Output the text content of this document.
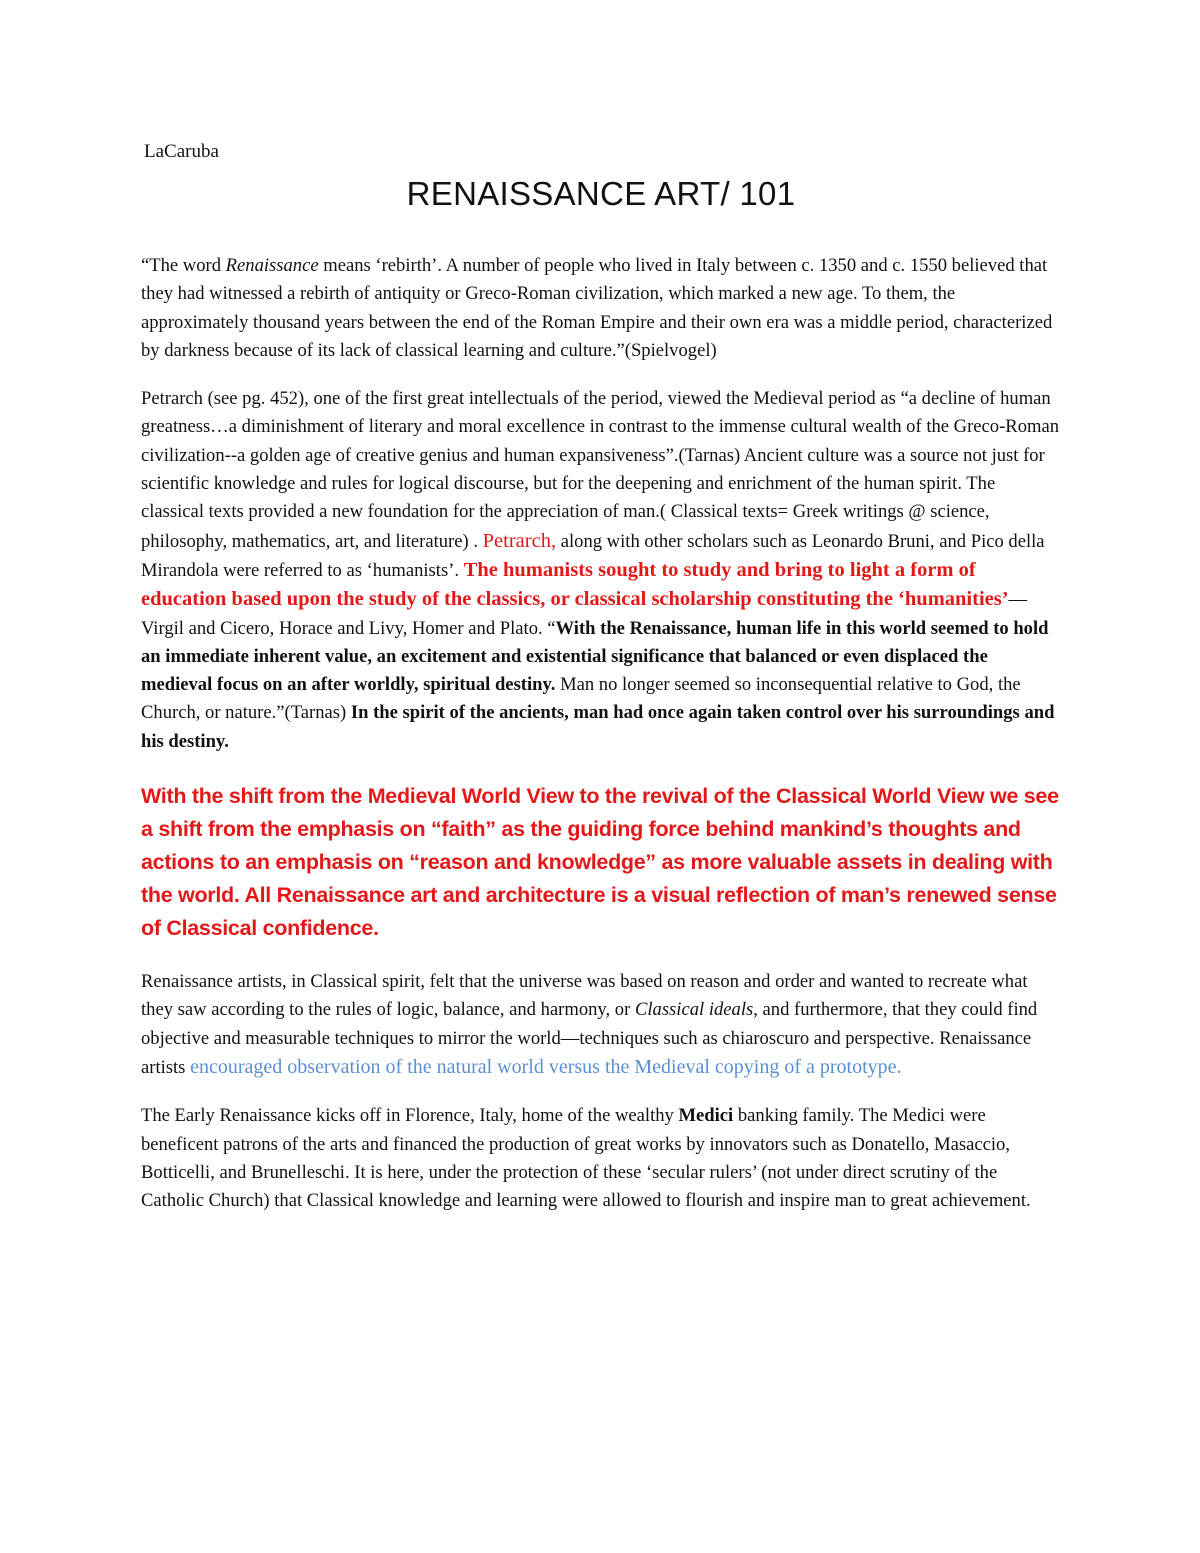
LaCaruba
RENAISSANCE ART/ 101

“The word Renaissance means ‘rebirth’. A number of people who lived in Italy between c. 1350 and c. 1550 believed that they had witnessed a rebirth of antiquity or Greco-Roman civilization, which marked a new age. To them, the approximately thousand years between the end of the Roman Empire and their own era was a middle period, characterized by darkness because of its lack of classical learning and culture.”(Spielvogel)

Petrarch (see pg. 452), one of the first great intellectuals of the period, viewed the Medieval period as “a decline of human greatness…a diminishment of literary and moral excellence in contrast to the immense cultural wealth of the Greco-Roman civilization--a golden age of creative genius and human expansiveness”.(Tarnas) Ancient culture was a source not just for scientific knowledge and rules for logical discourse, but for the deepening and enrichment of the human spirit. The classical texts provided a new foundation for the appreciation of man.( Classical texts= Greek writings @ science, philosophy, mathematics, art, and literature) . Petrarch, along with other scholars such as Leonardo Bruni, and Pico della Mirandola were referred to as ‘humanists’. The humanists sought to study and bring to light a form of education based upon the study of the classics, or classical scholarship constituting the ‘humanities’—Virgil and Cicero, Horace and Livy, Homer and Plato. “With the Renaissance, human life in this world seemed to hold an immediate inherent value, an excitement and existential significance that balanced or even displaced the medieval focus on an after worldly, spiritual destiny. Man no longer seemed so inconsequential relative to God, the Church, or nature.”(Tarnas) In the spirit of the ancients, man had once again taken control over his surroundings and his destiny.

With the shift from the Medieval World View to the revival of the Classical World View we see a shift from the emphasis on “faith” as the guiding force behind mankind’s thoughts and actions to an emphasis on “reason and knowledge” as more valuable assets in dealing with the world. All Renaissance art and architecture is a visual reflection of man’s renewed sense of Classical confidence.

Renaissance artists, in Classical spirit, felt that the universe was based on reason and order and wanted to recreate what they saw according to the rules of logic, balance, and harmony, or Classical ideals, and furthermore, that they could find objective and measurable techniques to mirror the world—techniques such as chiaroscuro and perspective. Renaissance artists encouraged observation of the natural world versus the Medieval copying of a prototype.

The Early Renaissance kicks off in Florence, Italy, home of the wealthy Medici banking family. The Medici were beneficent patrons of the arts and financed the production of great works by innovators such as Donatello, Masaccio, Botticelli, and Brunelleschi. It is here, under the protection of these ‘secular rulers’ (not under direct scrutiny of the Catholic Church) that Classical knowledge and learning were allowed to flourish and inspire man to great achievement.
